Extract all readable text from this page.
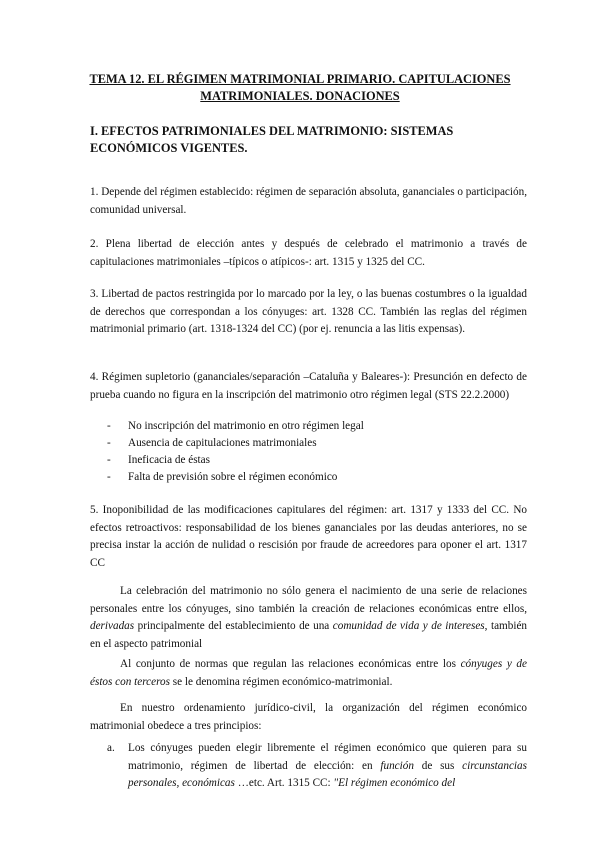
TEMA 12. EL RÉGIMEN MATRIMONIAL PRIMARIO. CAPITULACIONES
MATRIMONIALES. DONACIONES
I. EFECTOS PATRIMONIALES DEL MATRIMONIO: SISTEMAS ECONÓMICOS VIGENTES.
1. Depende del régimen establecido: régimen de separación absoluta, gananciales o participación, comunidad universal.
2. Plena libertad de elección antes y después de celebrado el matrimonio a través de capitulaciones matrimoniales –típicos o atípicos-: art. 1315 y 1325 del CC.
3. Libertad de pactos restringida por lo marcado por la ley, o las buenas costumbres o la igualdad de derechos que correspondan a los cónyuges: art. 1328 CC. También las reglas del régimen matrimonial primario (art. 1318-1324 del CC) (por ej. renuncia a las litis expensas).
4. Régimen supletorio (gananciales/separación –Cataluña y Baleares-): Presunción en defecto de prueba cuando no figura en la inscripción del matrimonio otro régimen legal (STS 22.2.2000)
- No inscripción del matrimonio en otro régimen legal
- Ausencia de capitulaciones matrimoniales
- Ineficacia de éstas
- Falta de previsión sobre el régimen económico
5. Inoponibilidad de las modificaciones capitulares del régimen: art. 1317 y 1333 del CC. No efectos retroactivos: responsabilidad de los bienes gananciales por las deudas anteriores, no se precisa instar la acción de nulidad o rescisión por fraude de acreedores para oponer el art. 1317 CC
La celebración del matrimonio no sólo genera el nacimiento de una serie de relaciones personales entre los cónyuges, sino también la creación de relaciones económicas entre ellos, derivadas principalmente del establecimiento de una comunidad de vida y de intereses, también en el aspecto patrimonial
Al conjunto de normas que regulan las relaciones económicas entre los cónyuges y de éstos con terceros se le denomina régimen económico-matrimonial.
En nuestro ordenamiento jurídico-civil, la organización del régimen económico matrimonial obedece a tres principios:
a.	Los cónyuges pueden elegir libremente el régimen económico que quieren para su matrimonio, régimen de libertad de elección: en función de sus circunstancias personales, económicas …etc. Art. 1315 CC: "El régimen económico del
